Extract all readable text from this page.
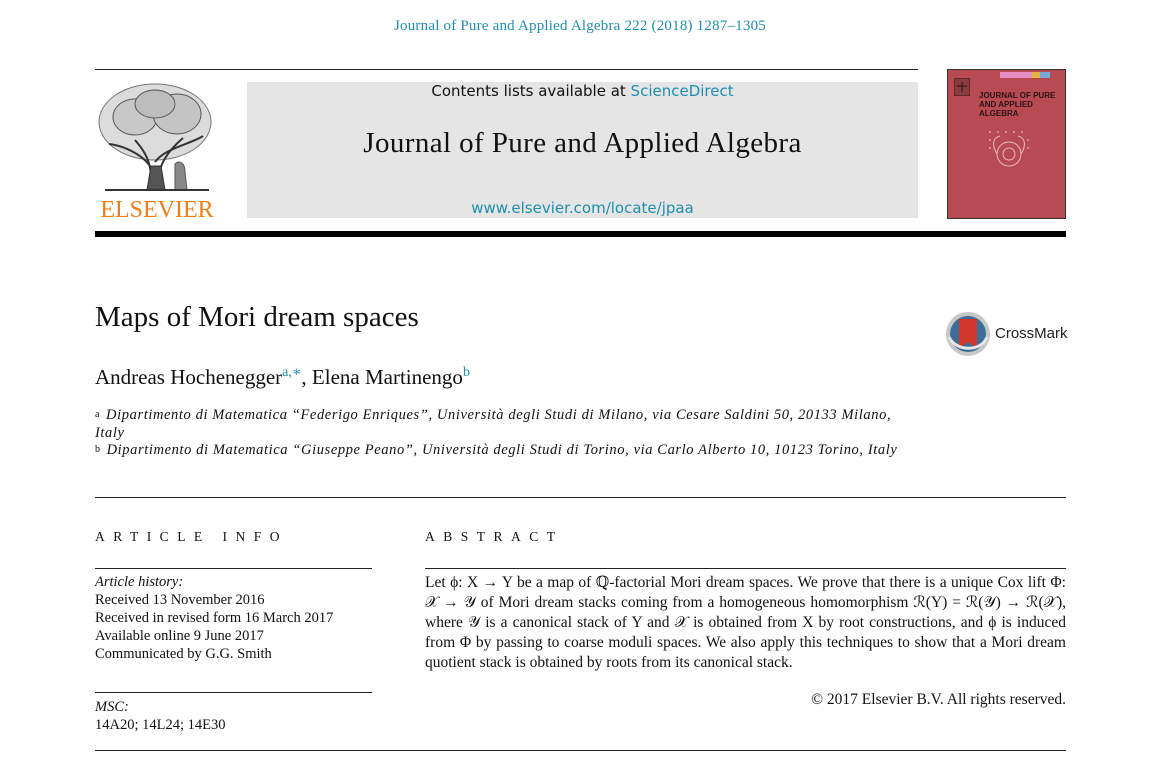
Journal of Pure and Applied Algebra 222 (2018) 1287–1305
ELSEVIER
Contents lists available at ScienceDirect
Journal of Pure and Applied Algebra
www.elsevier.com/locate/jpaa
JOURNAL OF PURE AND APPLIED ALGEBRA
Maps of Mori dream spaces
CrossMark
Andreas Hochenegger$^{a,∗}$, Elena Martinengo$^b$
$^a$ Dipartimento di Matematica “Federigo Enriques”, Università degli Studi di Milano, via Cesare Saldini 50, 20133 Milano, Italy
$^b$ Dipartimento di Matematica “Giuseppe Peano”, Università degli Studi di Torino, via Carlo Alberto 10, 10123 Torino, Italy
ARTICLE INFO
Article history:
Received 13 November 2016
Received in revised form 16 March 2017
Available online 9 June 2017
Communicated by G.G. Smith
MSC:
14A20; 14L24; 14E30
ABSTRACT
Let ϕ: X → Y be a map of ℚ-factorial Mori dream spaces. We prove that there is a unique Cox lift Φ: 𝒳 → 𝒴 of Mori dream stacks coming from a homogeneous homomorphism ℛ(Y) = ℛ(𝒴) → ℛ(𝒳), where 𝒴 is a canonical stack of Y and 𝒳 is obtained from X by root constructions, and ϕ is induced from Φ by passing to coarse moduli spaces. We also apply this techniques to show that a Mori dream quotient stack is obtained by roots from its canonical stack.
© 2017 Elsevier B.V. All rights reserved.
